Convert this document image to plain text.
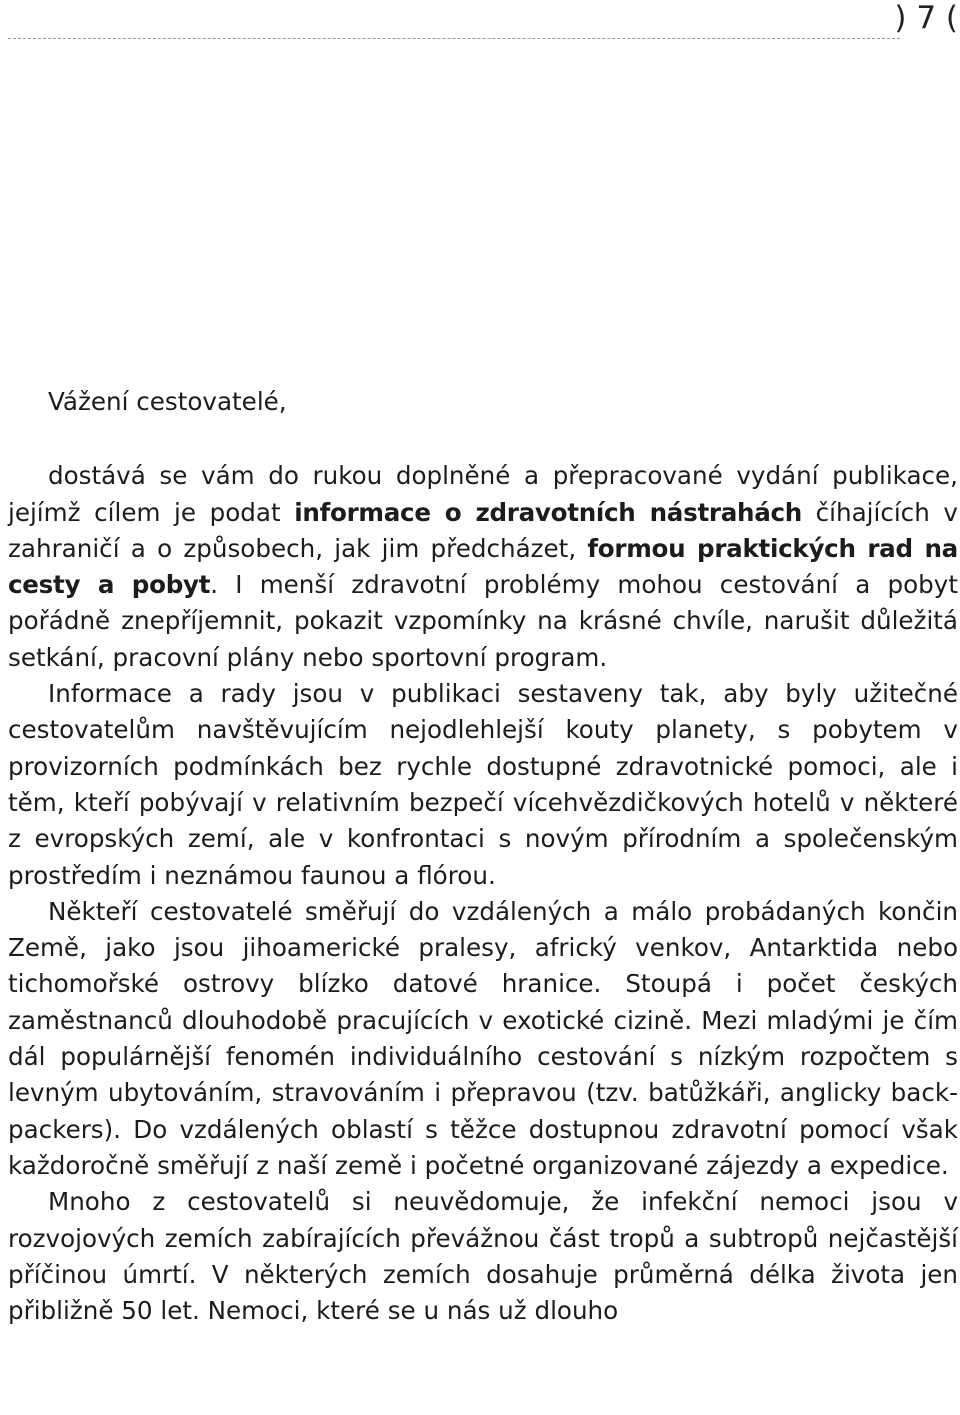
) 7 (

Vážení cestovatelé,

dostává se vám do rukou doplněné a přepracované vydání publikace, jejímž cílem je podat informace o zdravotních nástrahách číhajících v zahraničí a o způsobech, jak jim předcházet, formou praktických rad na cesty a pobyt. I menší zdravotní problémy mohou cestování a pobyt pořádně znepříjemnit, pokazit vzpomínky na krásné chvíle, narušit důležitá setkání, pracovní plány nebo sportovní program.

Informace a rady jsou v publikaci sestaveny tak, aby byly užitečné cestovatelům navštěvujícím nejodlehlejší kouty planety, s pobytem v provizorních podmínkách bez rychle dostupné zdravotnické pomoci, ale i těm, kteří pobývají v relativním bezpečí vícehvězdičkových hotelů v některé z evropských zemí, ale v konfrontaci s novým přírodním a společenským prostředím i neznámou faunou a flórou.

Někteří cestovatelé směřují do vzdálených a málo probádaných končin Země, jako jsou jihoamerické pralesy, africký venkov, Antarktida nebo tichomořské ostrovy blízko datové hranice. Stoupá i počet českých zaměstnanců dlouhodobě pracujících v exotické cizině. Mezi mladými je čím dál populárnější fenomén individuálního cestování s nízkým rozpočtem s levným ubytováním, stravováním i přepravou (tzv. batůžkáři, anglicky back-packers). Do vzdálených oblastí s těžce dostupnou zdravotní pomocí však každoročně směřují z naší země i početné organizované zájezdy a expedice.

Mnoho z cestovatelů si neuvědomuje, že infekční nemoci jsou v rozvojových zemích zabírajících převážnou část tropů a subtropů nejčastější příčinou úmrtí. V některých zemích dosahuje průměrná délka života jen přibližně 50 let. Nemoci, které se u nás už dlouho
